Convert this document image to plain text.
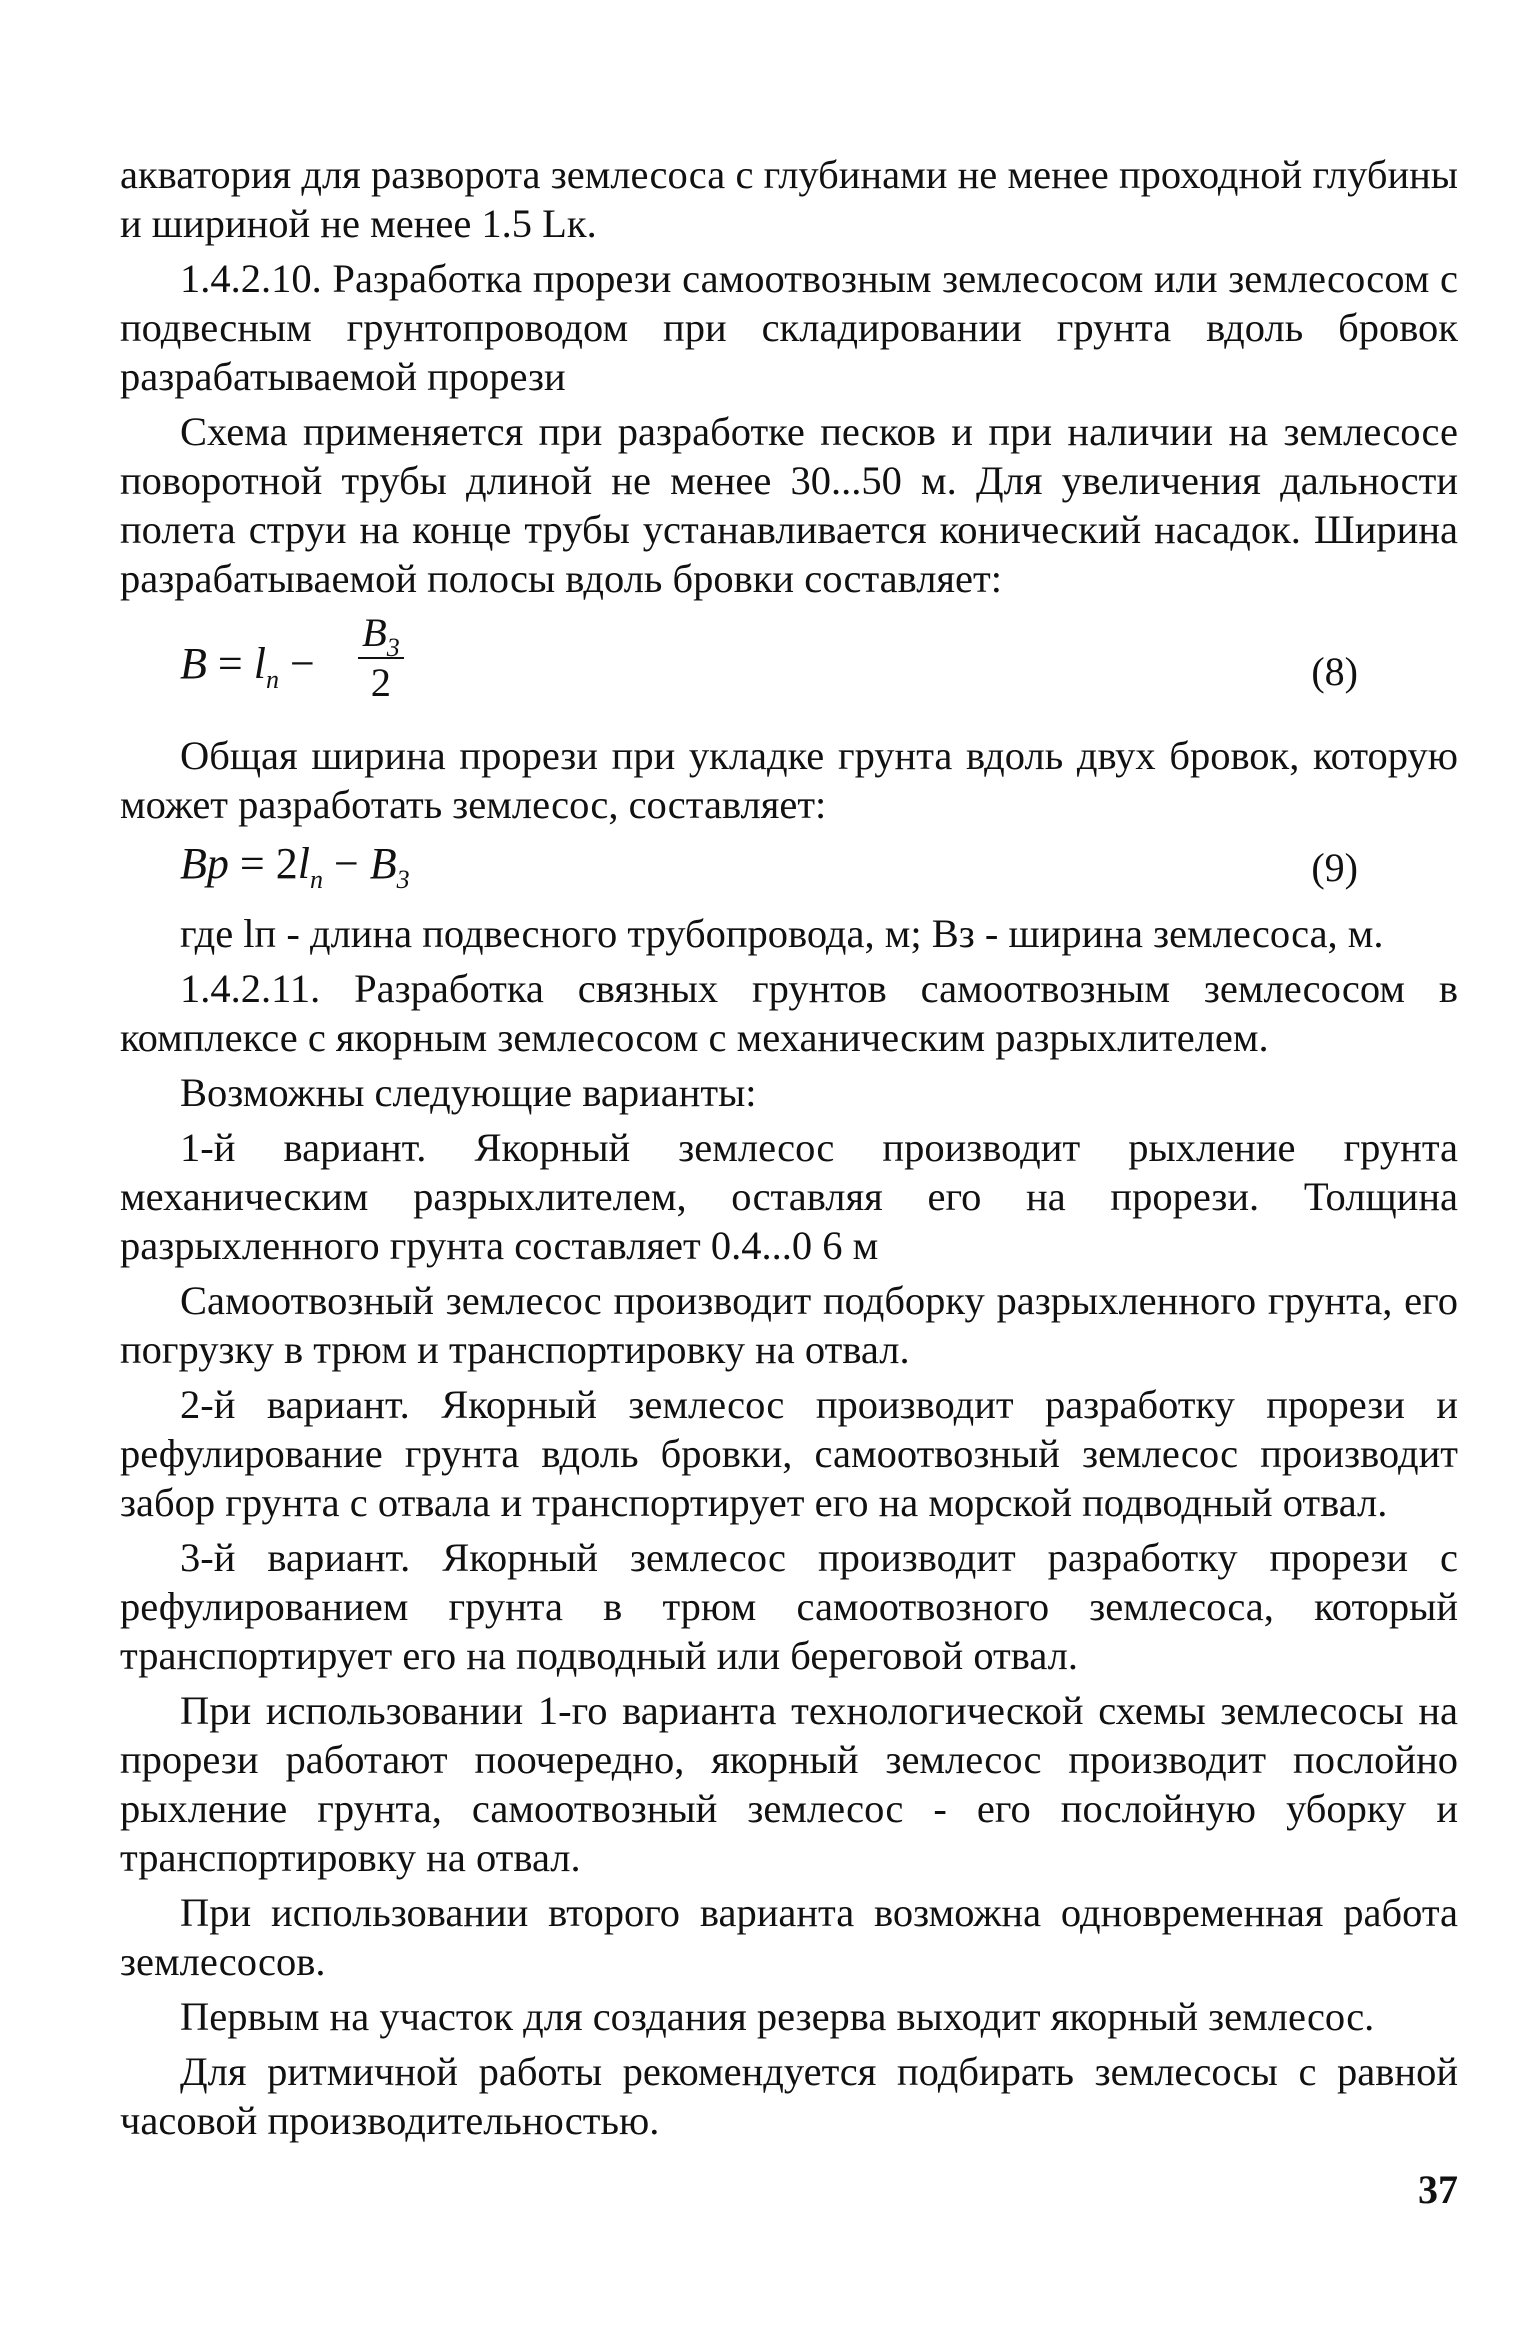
акватория для разворота землесоса с глубинами не менее проходной глубины и шириной не менее 1.5 Lк.

1.4.2.10. Разработка прорези самоотвозным землесосом или землесосом с подвесным грунтопроводом при складировании грунта вдоль бровок разрабатываемой прорези

Схема применяется при разработке песков и при наличии на землесосе поворотной трубы длиной не менее 30...50 м. Для увеличения дальности полета струи на конце трубы устанавливается конический насадок. Ширина разрабатываемой полосы вдоль бровки составляет:

$B = l_n - \frac{B_3}{2}$	(8)

Общая ширина прорези при укладке грунта вдоль двух бровок, которую может разработать землесос, составляет:

$Bp = 2l_n - B_3$	(9)

где lп - длина подвесного трубопровода, м; Bз - ширина землесоса, м.

1.4.2.11. Разработка связных грунтов самоотвозным землесосом в комплексе с якорным землесосом с механическим разрыхлителем.

Возможны следующие варианты:

1-й вариант. Якорный землесос производит рыхление грунта механическим разрыхлителем, оставляя его на прорези. Толщина разрыхленного грунта составляет 0.4...0 6 м

Самоотвозный землесос производит подборку разрыхленного грунта, его погрузку в трюм и транспортировку на отвал.

2-й вариант. Якорный землесос производит разработку прорези и рефулирование грунта вдоль бровки, самоотвозный землесос производит забор грунта с отвала и транспортирует его на морской подводный отвал.

3-й вариант. Якорный землесос производит разработку прорези с рефулированием грунта в трюм самоотвозного землесоса, который транспортирует его на подводный или береговой отвал.

При использовании 1-го варианта технологической схемы землесосы на прорези работают поочередно, якорный землесос производит послойно рыхление грунта, самоотвозный землесос - его послойную уборку и транспортировку на отвал.

При использовании второго варианта возможна одновременная работа землесосов.

Первым на участок для создания резерва выходит якорный землесос.

Для ритмичной работы рекомендуется подбирать землесосы с равной часовой производительностью.

37
